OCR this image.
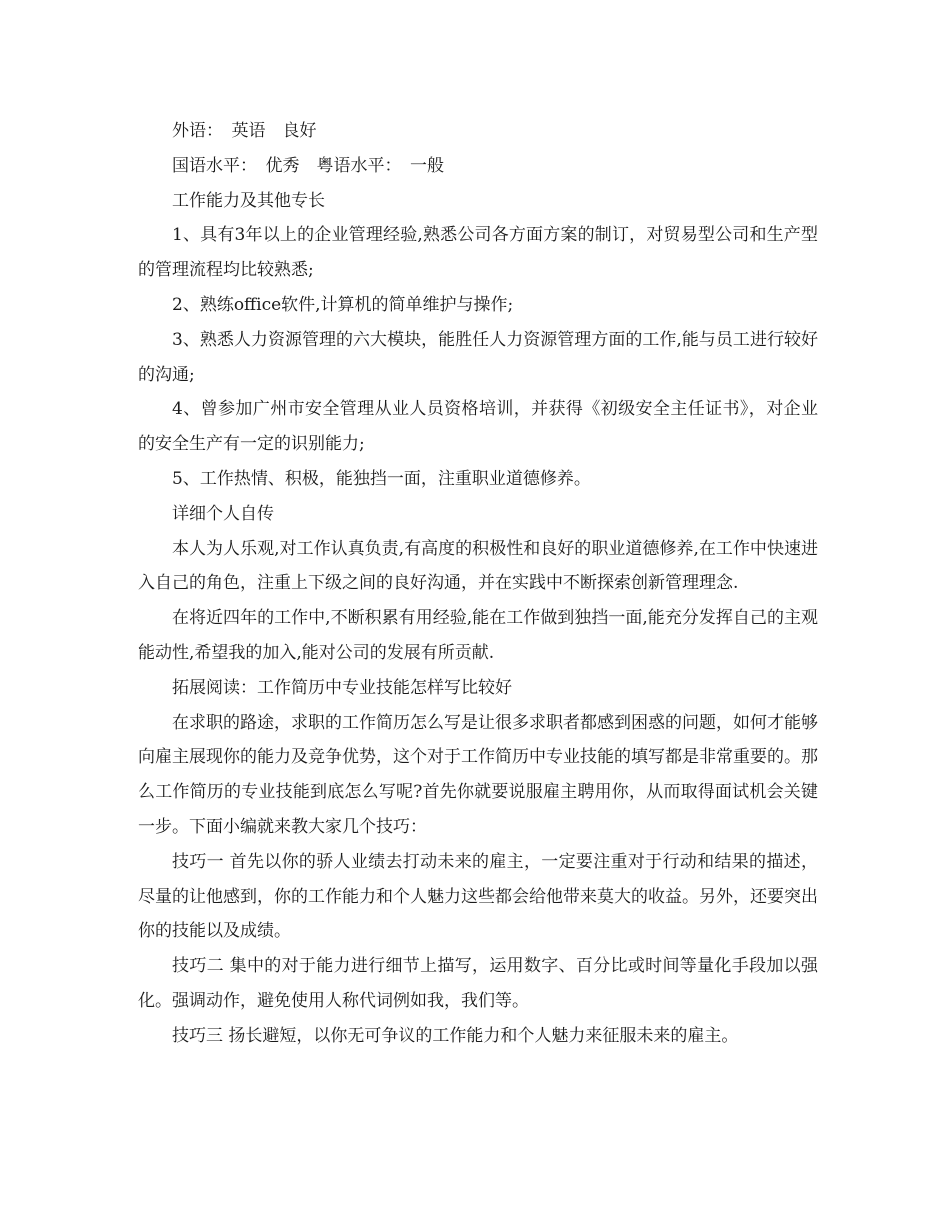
外语：　英语　良好

国语水平：　优秀　粤语水平：　一般

工作能力及其他专长

1、具有3年以上的企业管理经验,熟悉公司各方面方案的制订，对贸易型公司和生产型的管理流程均比较熟悉;

2、熟练office软件,计算机的简单维护与操作;

3、熟悉人力资源管理的六大模块，能胜任人力资源管理方面的工作,能与员工进行较好的沟通;

4、曾参加广州市安全管理从业人员资格培训，并获得《初级安全主任证书》，对企业的安全生产有一定的识别能力;

5、工作热情、积极，能独挡一面，注重职业道德修养。

详细个人自传

本人为人乐观,对工作认真负责,有高度的积极性和良好的职业道德修养,在工作中快速进入自己的角色，注重上下级之间的良好沟通，并在实践中不断探索创新管理理念.

在将近四年的工作中,不断积累有用经验,能在工作做到独挡一面,能充分发挥自己的主观能动性,希望我的加入,能对公司的发展有所贡献.

拓展阅读：工作简历中专业技能怎样写比较好

在求职的路途，求职的工作简历怎么写是让很多求职者都感到困惑的问题，如何才能够向雇主展现你的能力及竞争优势，这个对于工作简历中专业技能的填写都是非常重要的。那么工作简历的专业技能到底怎么写呢?首先你就要说服雇主聘用你，从而取得面试机会关键一步。下面小编就来教大家几个技巧：

技巧一 首先以你的骄人业绩去打动未来的雇主，一定要注重对于行动和结果的描述，尽量的让他感到，你的工作能力和个人魅力这些都会给他带来莫大的收益。另外，还要突出你的技能以及成绩。

技巧二 集中的对于能力进行细节上描写，运用数字、百分比或时间等量化手段加以强化。强调动作，避免使用人称代词例如我，我们等。

技巧三 扬长避短，以你无可争议的工作能力和个人魅力来征服未来的雇主。
